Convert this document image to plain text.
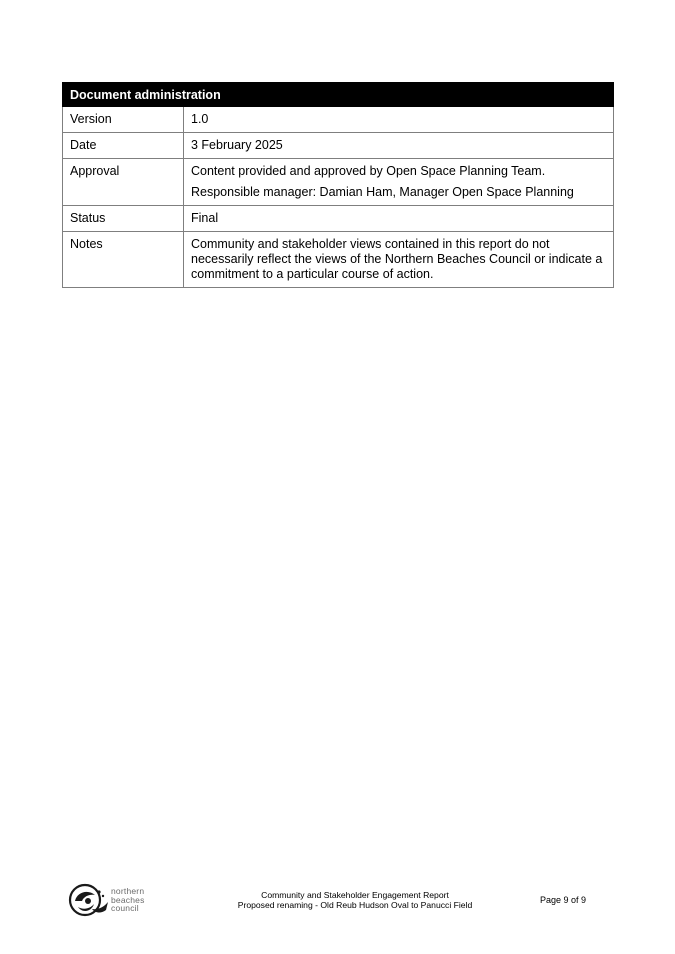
Document administration	
Version	1.0

Date	3 February 2025

Approval	Content provided and approved by Open Space Planning Team.

Responsible manager: Damian Ham, Manager Open Space Planning

Status	Final

Notes	Community and stakeholder views contained in this report do not necessarily reflect the views of the Northern Beaches Council or indicate a commitment to a particular course of action.

northern
beaches
council
Community and Stakeholder Engagement Report
Proposed renaming - Old Reub Hudson Oval to Panucci Field	Page 9 of 9
